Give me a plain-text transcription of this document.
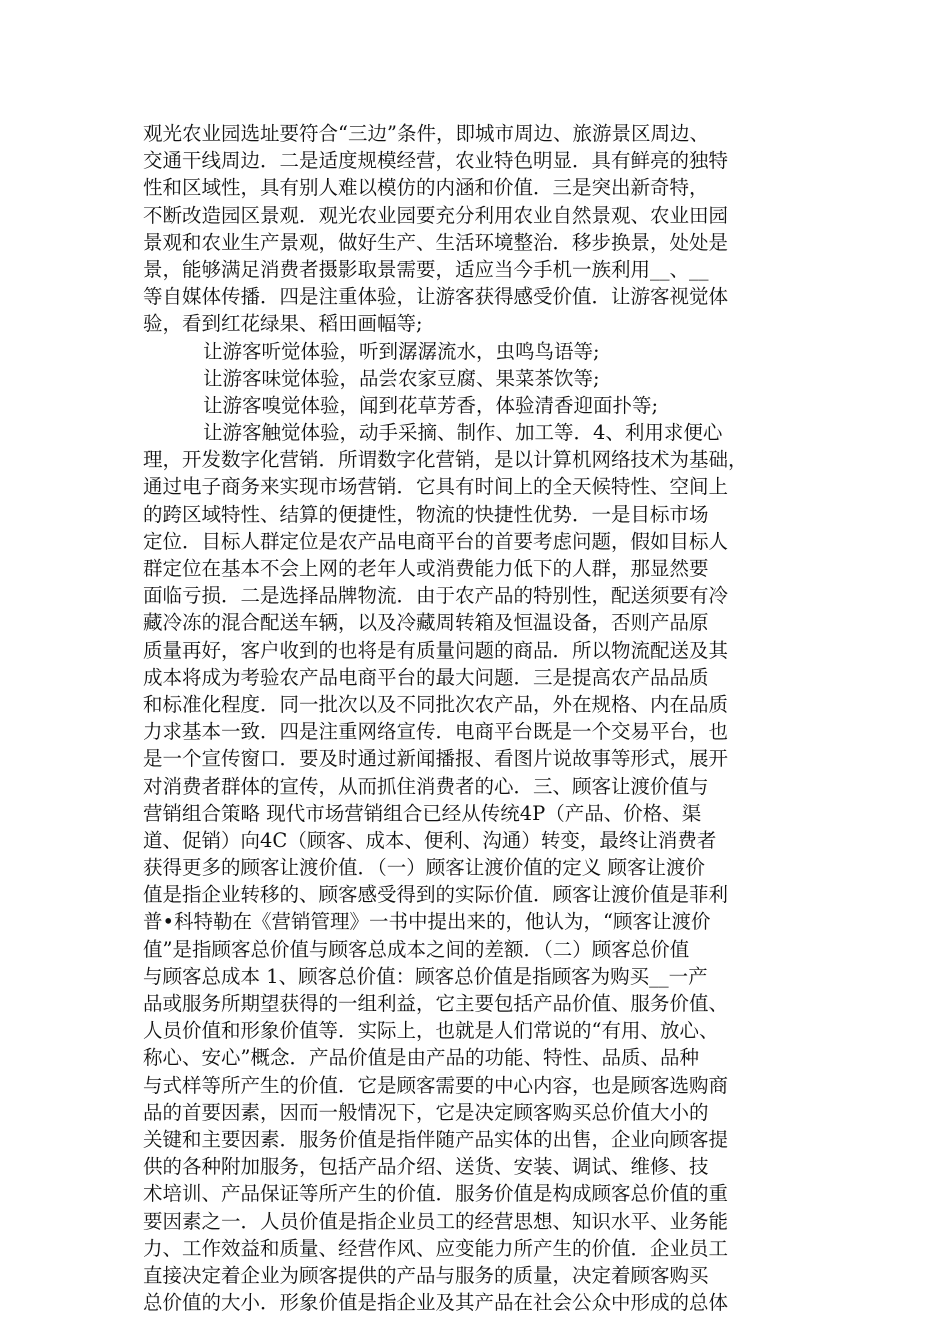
观光农业园选址要符合“三边”条件，即城市周边、旅游景区周边、
交通干线周边．二是适度规模经营，农业特色明显．具有鲜亮的独特
性和区域性，具有别人难以模仿的内涵和价值．三是突出新奇特，
不断改造园区景观．观光农业园要充分利用农业自然景观、农业田园
景观和农业生产景观，做好生产、生活环境整治．移步换景，处处是
景，能够满足消费者摄影取景需要，适应当今手机一族利用__、__
等自媒体传播．四是注重体验，让游客获得感受价值．让游客视觉体
验，看到红花绿果、稻田画幅等;
让游客听觉体验，听到潺潺流水，虫鸣鸟语等;
让游客味觉体验，品尝农家豆腐、果菜茶饮等;
让游客嗅觉体验，闻到花草芳香，体验清香迎面扑等;
让游客触觉体验，动手采摘、制作、加工等．4、利用求便心
理，开发数字化营销．所谓数字化营销，是以计算机网络技术为基础，
通过电子商务来实现市场营销．它具有时间上的全天候特性、空间上
的跨区域特性、结算的便捷性，物流的快捷性优势．一是目标市场
定位．目标人群定位是农产品电商平台的首要考虑问题，假如目标人
群定位在基本不会上网的老年人或消费能力低下的人群，那显然要
面临亏损．二是选择品牌物流．由于农产品的特别性，配送须要有冷
藏冷冻的混合配送车辆，以及冷藏周转箱及恒温设备，否则产品原
质量再好，客户收到的也将是有质量问题的商品．所以物流配送及其
成本将成为考验农产品电商平台的最大问题．三是提高农产品品质
和标准化程度．同一批次以及不同批次农产品，外在规格、内在品质
力求基本一致．四是注重网络宣传．电商平台既是一个交易平台，也
是一个宣传窗口．要及时通过新闻播报、看图片说故事等形式，展开
对消费者群体的宣传，从而抓住消费者的心．三、顾客让渡价值与
营销组合策略 现代市场营销组合已经从传统4P（产品、价格、渠
道、促销）向4C（顾客、成本、便利、沟通）转变，最终让消费者
获得更多的顾客让渡价值．（一）顾客让渡价值的定义 顾客让渡价
值是指企业转移的、顾客感受得到的实际价值．顾客让渡价值是菲利
普•科特勒在《营销管理》一书中提出来的，他认为，“顾客让渡价
值”是指顾客总价值与顾客总成本之间的差额．（二）顾客总价值
与顾客总成本 1、顾客总价值：顾客总价值是指顾客为购买__一产
品或服务所期望获得的一组利益，它主要包括产品价值、服务价值、
人员价值和形象价值等．实际上，也就是人们常说的“有用、放心、
称心、安心”概念．产品价值是由产品的功能、特性、品质、品种
与式样等所产生的价值．它是顾客需要的中心内容，也是顾客选购商
品的首要因素，因而一般情况下，它是决定顾客购买总价值大小的
关键和主要因素．服务价值是指伴随产品实体的出售，企业向顾客提
供的各种附加服务，包括产品介绍、送货、安装、调试、维修、技
术培训、产品保证等所产生的价值．服务价值是构成顾客总价值的重
要因素之一．人员价值是指企业员工的经营思想、知识水平、业务能
力、工作效益和质量、经营作风、应变能力所产生的价值．企业员工
直接决定着企业为顾客提供的产品与服务的质量，决定着顾客购买
总价值的大小．形象价值是指企业及其产品在社会公众中形成的总体
